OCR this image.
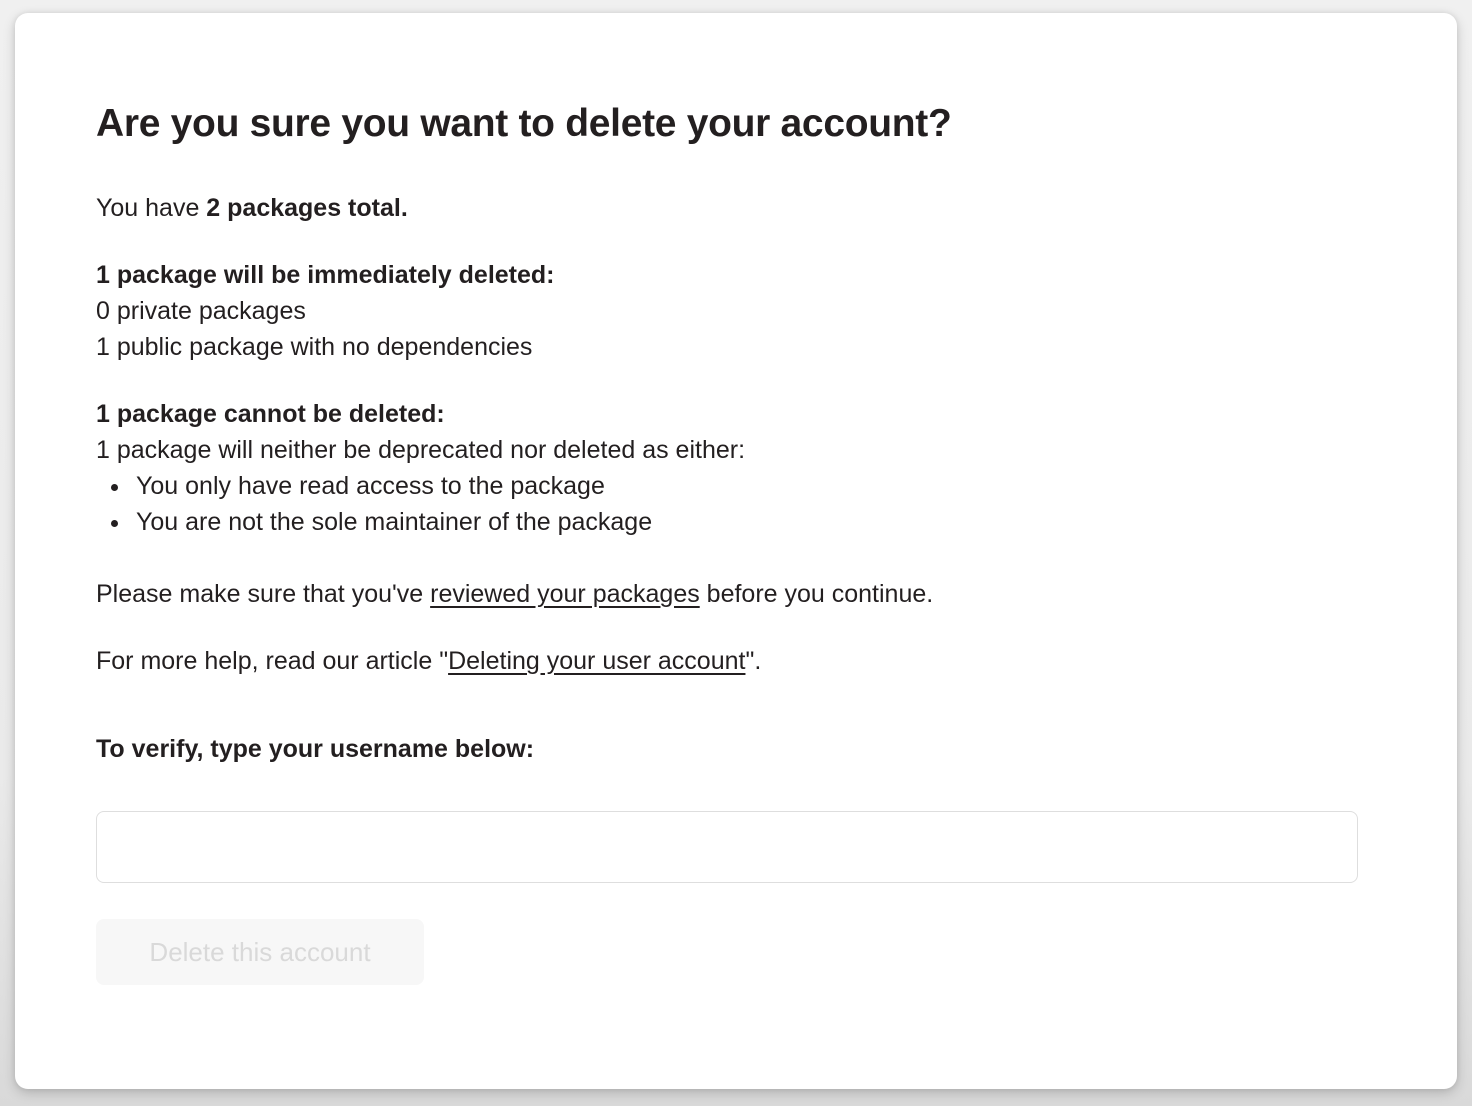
Are you sure you want to delete your account?

You have 2 packages total.

1 package will be immediately deleted:
0 private packages
1 public package with no dependencies

1 package cannot be deleted:
1 package will neither be deprecated nor deleted as either:

• You only have read access to the package
• You are not the sole maintainer of the package

Please make sure that you've reviewed your packages before you continue.

For more help, read our article "Deleting your user account".

To verify, type your username below:
Delete this account
